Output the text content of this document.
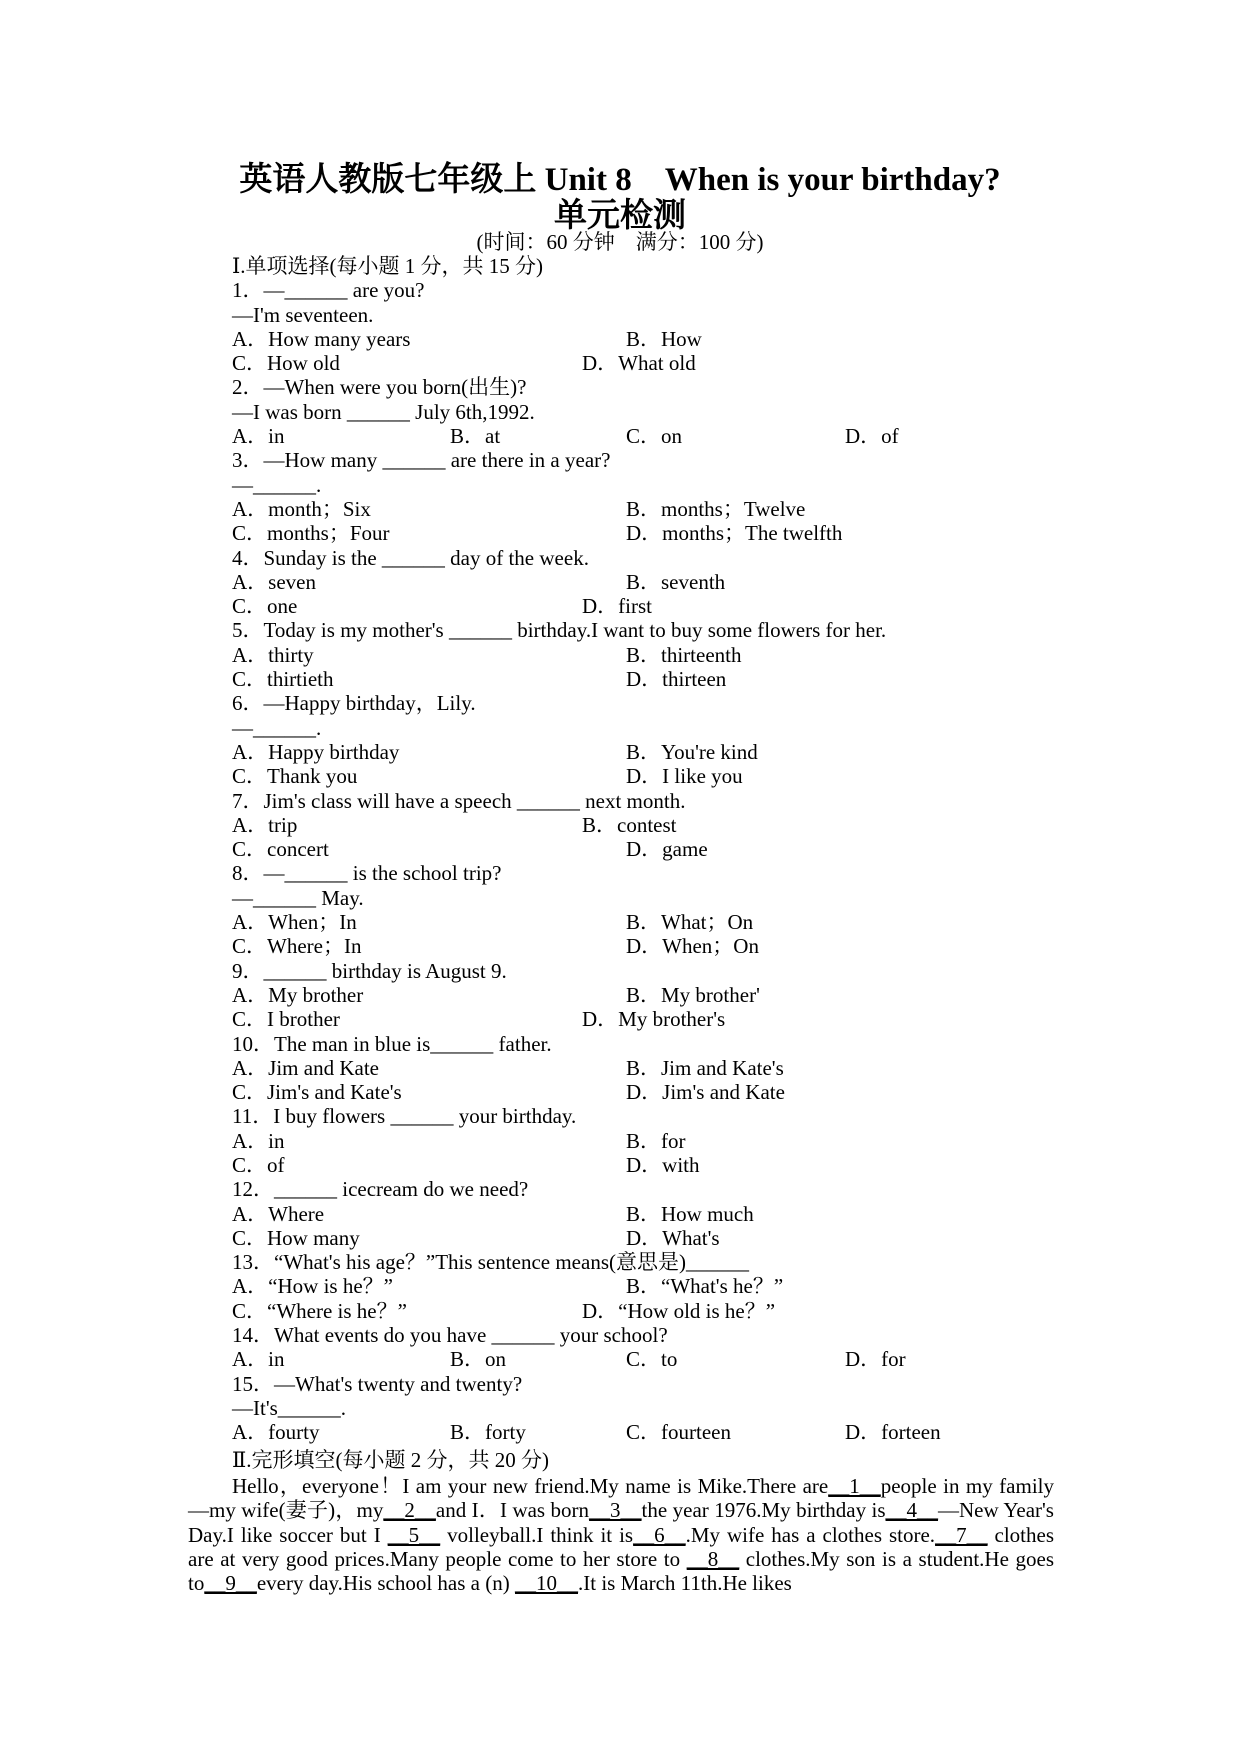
英语人教版七年级上 Unit 8　When is your birthday?
单元检测
(时间：60 分钟　满分：100 分)
Ⅰ.单项选择(每小题 1 分，共 15 分)
1．—______ are you?
—I'm seventeen.
A．How many years	B．How
C．How old	D．What old
2．—When were you born(出生)?
—I was born ______ July 6th,1992.
A．in	B．at	C．on	D．of
3．—How many ______ are there in a year?
—______.
A．month；Six	B．months；Twelve
C．months；Four	D．months；The twelfth
4．Sunday is the ______ day of the week.
A．seven	B．seventh
C．one	D．first
5．Today is my mother's ______ birthday.I want to buy some flowers for her.
A．thirty	B．thirteenth
C．thirtieth	D．thirteen
6．—Happy birthday，Lily.
—______.
A．Happy birthday	B．You're kind
C．Thank you	D．I like you
7．Jim's class will have a speech ______ next month.
A．trip	B．contest
C．concert	D．game
8．—______ is the school trip?
—______ May.
A．When；In	B．What；On
C．Where；In	D．When；On
9．______ birthday is August 9.
A．My brother	B．My brother'
C．I brother	D．My brother's
10．The man in blue is______ father.
A．Jim and Kate	B．Jim and Kate's
C．Jim's and Kate's	D．Jim's and Kate
11．I buy flowers ______ your birthday.
A．in	B．for
C．of	D．with
12．______ icecream do we need?
A．Where	B．How much
C．How many	D．What's
13．“What's his age？”This sentence means(意思是)______
A．“How is he？”	B．“What's he？”
C．“Where is he？”	D．“How old is he？”
14．What events do you have ______ your school?
A．in	B．on	C．to	D．for
15．—What's twenty and twenty?
—It's______.
A．fourty	B．forty	C．fourteen	D．forteen
Ⅱ.完形填空(每小题 2 分，共 20 分)
Hello，everyone！I am your new friend.My name is Mike.There are__1__people in my family—my wife(妻子)，my__2__and I．I was born__3__the year 1976.My birthday is__4__—New Year's Day.I like soccer but I __5__ volleyball.I think it is__6__.My wife has a clothes store.__7__ clothes are at very good prices.Many people come to her store to __8__ clothes.My son is a student.He goes to__9__every day.His school has a (n) __10__.It is March 11th.He likes
